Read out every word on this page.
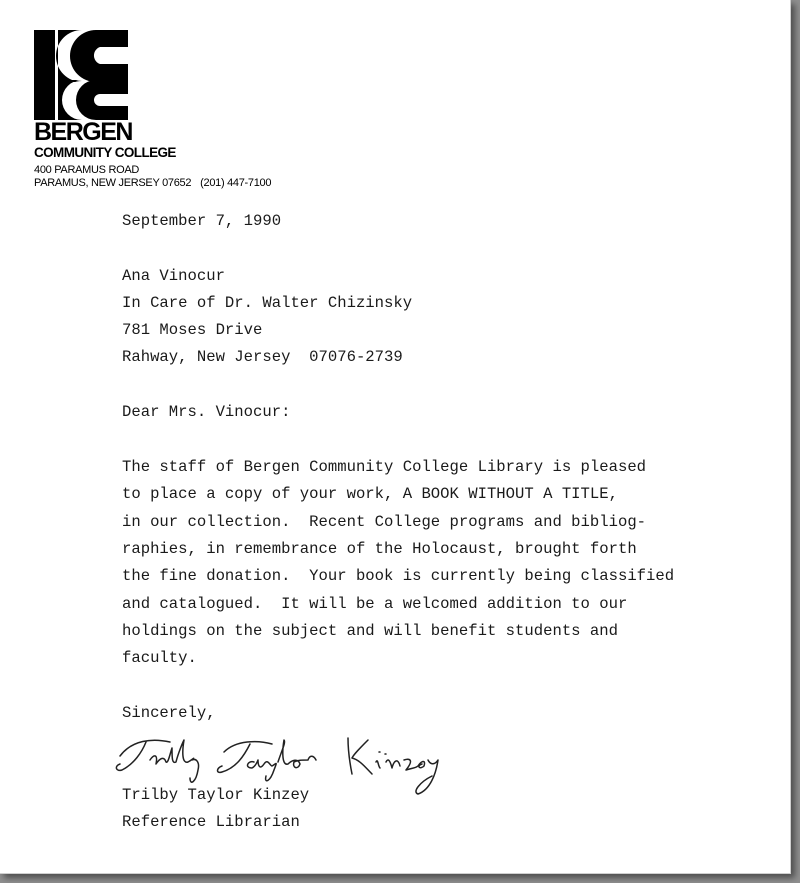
BERGEN
COMMUNITY COLLEGE
400 PARAMUS ROAD
PARAMUS, NEW JERSEY 07652 (201) 447-7100
September 7, 1990
Ana Vinocur
In Care of Dr. Walter Chizinsky
781 Moses Drive
Rahway, New Jersey  07076-2739
Dear Mrs. Vinocur:
The staff of Bergen Community College Library is pleased
to place a copy of your work, A BOOK WITHOUT A TITLE,
in our collection.  Recent College programs and bibliog-
raphies, in remembrance of the Holocaust, brought forth
the fine donation.  Your book is currently being classified
and catalogued.  It will be a welcomed addition to our
holdings on the subject and will benefit students and
faculty.
Sincerely,
Trilby Taylor Kinzey
Reference Librarian
